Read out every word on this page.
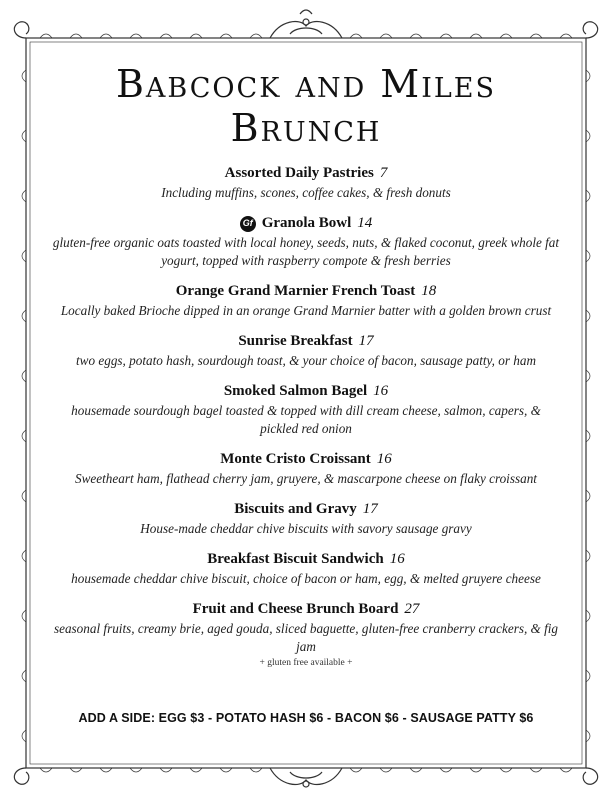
Babcock and Miles
Brunch
Assorted Daily Pastries 7

Including muffins, scones, coffee cakes, & fresh donuts

Gf Granola Bowl 14

gluten-free organic oats toasted with local honey, seeds, nuts, & flaked coconut, greek whole fat yogurt, topped with raspberry compote & fresh berries

Orange Grand Marnier French Toast 18

Locally baked Brioche dipped in an orange Grand Marnier batter with a golden brown crust

Sunrise Breakfast 17

two eggs, potato hash, sourdough toast, & your choice of bacon, sausage patty, or ham

Smoked Salmon Bagel 16

housemade sourdough bagel toasted & topped with dill cream cheese, salmon, capers, & pickled red onion

Monte Cristo Croissant 16

Sweetheart ham, flathead cherry jam, gruyere, & mascarpone cheese on flaky croissant

Biscuits and Gravy 17

House-made cheddar chive biscuits with savory sausage gravy

Breakfast Biscuit Sandwich 16

housemade cheddar chive biscuit, choice of bacon or ham, egg, & melted gruyere cheese

Fruit and Cheese Brunch Board 27

seasonal fruits, creamy brie, aged gouda, sliced baguette, gluten-free cranberry crackers, & fig jam

+ gluten free available +
ADD A SIDE: EGG $3 - POTATO HASH $6 - BACON $6 - SAUSAGE PATTY $6
